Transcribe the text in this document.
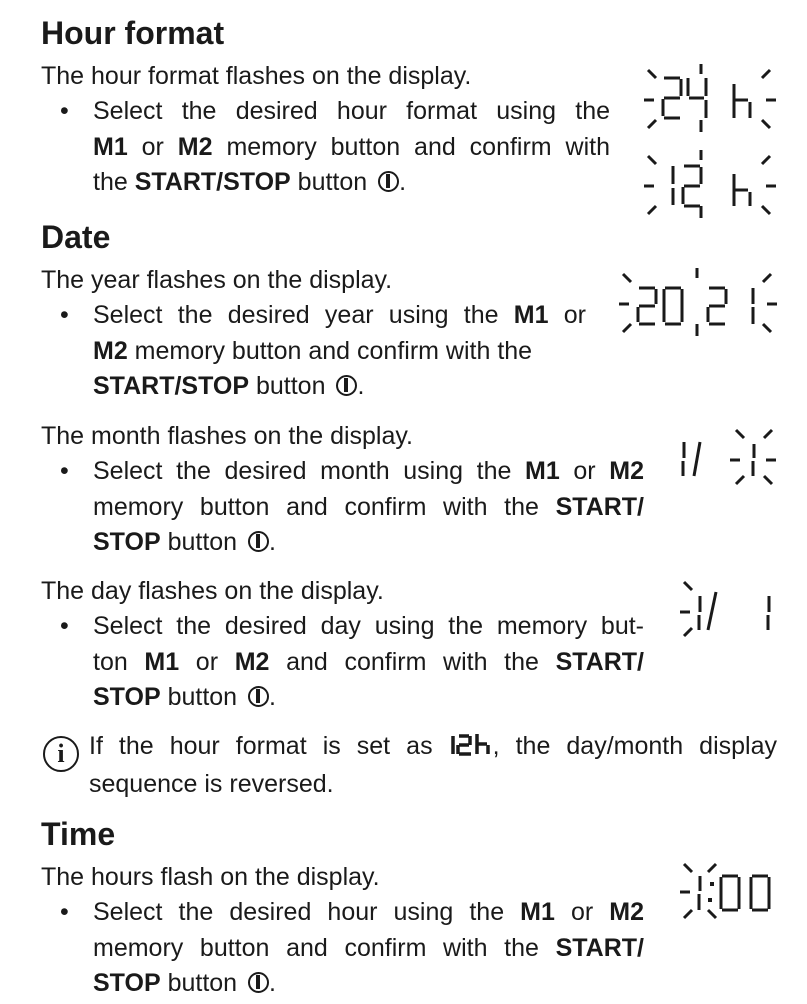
Hour format
The hour format flashes on the display.
• Select the desired hour format using the
M1 or M2 memory button and confirm with
the START/STOP button .
Date
The year flashes on the display.
• Select the desired year using the M1 or
M2 memory button and confirm with the
START/STOP button .
The month flashes on the display.
• Select the desired month using the M1 or M2
memory button and confirm with the START/
STOP button .
The day flashes on the display.
• Select the desired day using the memory but-
ton M1 or M2 and confirm with the START/
STOP button .
i If the hour format is set as , the day/month display
sequence is reversed.
Time
The hours flash on the display.
• Select the desired hour using the M1 or M2
memory button and confirm with the START/
STOP button .
